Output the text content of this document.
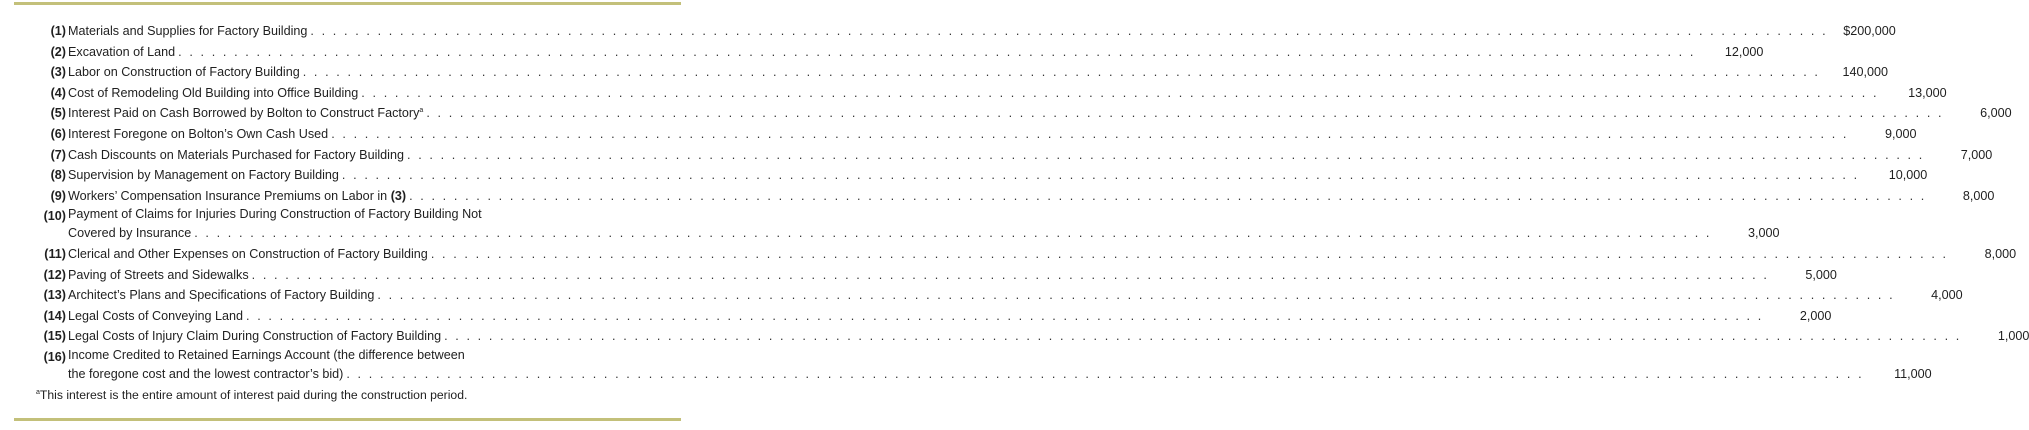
(1) Materials and Supplies for Factory Building . . . . . . . . . . . . . . . . . . . . . . . . . . . . . . . . . . . . . . . . . . . . . . . . . . . . . . . . . . . . . . . . . . . . . . . . . . . . . . . . . . . . . . . . . . . . . . . . . . . . . . . . . . . . . . . . . . . . . . . . . . . . . . . . . . . . . . . .	$200,000
(2) Excavation of Land . . . . . . . . . . . . . . . . . . . . . . . . . . . . . . . . . . . . . . . . . . . . . . . . . . . . . . . . . . . . . . . . . . . . . . . . . . . . . . . . . . . . . . . . . . . . . . . . . . . . . . . . . . . . . . . . . . . . . . . . . . . . . . . . . . . . . . . .	12,000
(3) Labor on Construction of Factory Building . . . . . . . . . . . . . . . . . . . . . . . . . . . . . . . . . . . . . . . . . . . . . . . . . . . . . . . . . . . . . . . . . . . . . . . . . . . . . . . . . . . . . . . . . . . . . . . . . . . . . . . . . . . . . . . . . . . . . . . . . . . . . . . . . . . . . . . .	140,000
(4) Cost of Remodeling Old Building into Office Building . . . . . . . . . . . . . . . . . . . . . . . . . . . . . . . . . . . . . . . . . . . . . . . . . . . . . . . . . . . . . . . . . . . . . . . . . . . . . . . . . . . . . . . . . . . . . . . . . . . . . . . . . . . . . . . . . . . . . . . . . . . . . . . . . . . . . . . .	13,000
(5) Interest Paid on Cash Borrowed by Bolton to Construct Factory$^a$ . . . . . . . . . . . . . . . . . . . . . . . . . . . . . . . . . . . . . . . . . . . . . . . . . . . . . . . . . . . . . . . . . . . . . . . . . . . . . . . . . . . . . . . . . . . . . . . . . . . . . . . . . . . . . . . . . . . . . . . . . . . . . . . . . . . . . . . .	6,000
(6) Interest Foregone on Bolton’s Own Cash Used . . . . . . . . . . . . . . . . . . . . . . . . . . . . . . . . . . . . . . . . . . . . . . . . . . . . . . . . . . . . . . . . . . . . . . . . . . . . . . . . . . . . . . . . . . . . . . . . . . . . . . . . . . . . . . . . . . . . . . . . . . . . . . . . . . . . . . . .	9,000
(7) Cash Discounts on Materials Purchased for Factory Building . . . . . . . . . . . . . . . . . . . . . . . . . . . . . . . . . . . . . . . . . . . . . . . . . . . . . . . . . . . . . . . . . . . . . . . . . . . . . . . . . . . . . . . . . . . . . . . . . . . . . . . . . . . . . . . . . . . . . . . . . . . . . . . . . . . . . . . .	7,000
(8) Supervision by Management on Factory Building . . . . . . . . . . . . . . . . . . . . . . . . . . . . . . . . . . . . . . . . . . . . . . . . . . . . . . . . . . . . . . . . . . . . . . . . . . . . . . . . . . . . . . . . . . . . . . . . . . . . . . . . . . . . . . . . . . . . . . . . . . . . . . . . . . . . . . . .	10,000
(9) Workers’ Compensation Insurance Premiums on Labor in (3) . . . . . . . . . . . . . . . . . . . . . . . . . . . . . . . . . . . . . . . . . . . . . . . . . . . . . . . . . . . . . . . . . . . . . . . . . . . . . . . . . . . . . . . . . . . . . . . . . . . . . . . . . . . . . . . . . . . . . . . . . . . . . . . . . . . . . . . .	8,000
(10) Payment of Claims for Injuries During Construction of Factory Building Not
Covered by Insurance . . . . . . . . . . . . . . . . . . . . . . . . . . . . . . . . . . . . . . . . . . . . . . . . . . . . . . . . . . . . . . . . . . . . . . . . . . . . . . . . . . . . . . . . . . . . . . . . . . . . . . . . . . . . . . . . . . . . . . . . . . . . . . . . . . . . . . . .	3,000
(11) Clerical and Other Expenses on Construction of Factory Building . . . . . . . . . . . . . . . . . . . . . . . . . . . . . . . . . . . . . . . . . . . . . . . . . . . . . . . . . . . . . . . . . . . . . . . . . . . . . . . . . . . . . . . . . . . . . . . . . . . . . . . . . . . . . . . . . . . . . . . . . . . . . . . . . . . . . . . .	8,000
(12) Paving of Streets and Sidewalks . . . . . . . . . . . . . . . . . . . . . . . . . . . . . . . . . . . . . . . . . . . . . . . . . . . . . . . . . . . . . . . . . . . . . . . . . . . . . . . . . . . . . . . . . . . . . . . . . . . . . . . . . . . . . . . . . . . . . . . . . . . . . . . . . . . . . . . .	5,000
(13) Architect’s Plans and Specifications of Factory Building . . . . . . . . . . . . . . . . . . . . . . . . . . . . . . . . . . . . . . . . . . . . . . . . . . . . . . . . . . . . . . . . . . . . . . . . . . . . . . . . . . . . . . . . . . . . . . . . . . . . . . . . . . . . . . . . . . . . . . . . . . . . . . . . . . . . . . . .	4,000
(14) Legal Costs of Conveying Land . . . . . . . . . . . . . . . . . . . . . . . . . . . . . . . . . . . . . . . . . . . . . . . . . . . . . . . . . . . . . . . . . . . . . . . . . . . . . . . . . . . . . . . . . . . . . . . . . . . . . . . . . . . . . . . . . . . . . . . . . . . . . . . . . . . . . . . .	2,000
(15) Legal Costs of Injury Claim During Construction of Factory Building . . . . . . . . . . . . . . . . . . . . . . . . . . . . . . . . . . . . . . . . . . . . . . . . . . . . . . . . . . . . . . . . . . . . . . . . . . . . . . . . . . . . . . . . . . . . . . . . . . . . . . . . . . . . . . . . . . . . . . . . . . . . . . . . . . . . . . . .	1,000
(16) Income Credited to Retained Earnings Account (the difference between
the foregone cost and the lowest contractor’s bid) . . . . . . . . . . . . . . . . . . . . . . . . . . . . . . . . . . . . . . . . . . . . . . . . . . . . . . . . . . . . . . . . . . . . . . . . . . . . . . . . . . . . . . . . . . . . . . . . . . . . . . . . . . . . . . . . . . . . . . . . . . . . . . . . . . . . . . . .	11,000
$^a$This interest is the entire amount of interest paid during the construction period.
